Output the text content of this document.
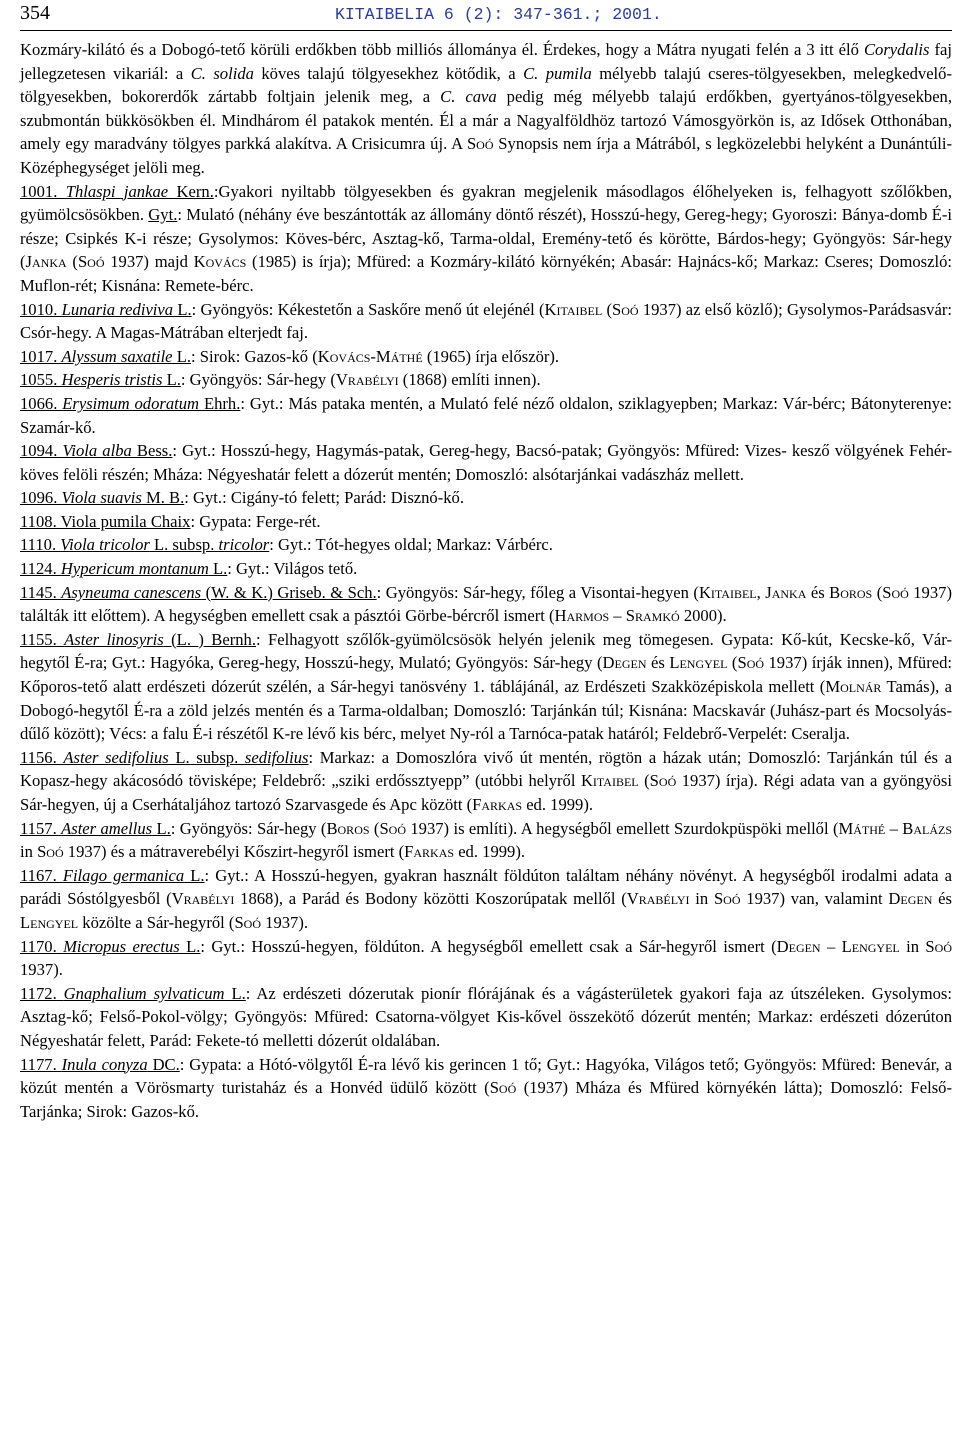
354	KITAIBELIA 6 (2): 347-361.; 2001.

Kozmáry-kilátó és a Dobogó-tető körüli erdőkben több milliós állománya él. Érdekes, hogy a Mátra nyugati felén a 3 itt élő Corydalis faj jellegzetesen vikariál: a C. solida köves talajú tölgyesekhez kötődik, a C. pumila mélyebb talajú cseres-tölgyesekben, melegkedvelő-tölgyesekben, bokorerdők zártabb foltjain jelenik meg, a C. cava pedig még mélyebb talajú erdőkben, gyertyános-tölgyesekben, szubmontán bükkösökben él. Mindhárom él patakok mentén. Él a már a Nagyalföldhöz tartozó Vámosgyörkön is, az Idősek Otthonában, amely egy maradvány tölgyes parkká alakítva. A Crisicumra új. A Soó Synopsis nem írja a Mátrából, s legközelebbi helyként a Dunántúli-Középhegységet jelöli meg.

1001. Thlaspi jankae Kern.:Gyakori nyiltabb tölgyesekben és gyakran megjelenik másodlagos élőhelyeken is, felhagyott szőlőkben, gyümölcsösökben. Gyt.: Mulató (néhány éve beszántották az állomány döntő részét), Hosszú-hegy, Gereg-hegy; Gyoroszi: Bánya-domb É-i része; Csipkés K-i része; Gysolymos: Köves-bérc, Asztag-kő, Tarma-oldal, Eremény-tető és körötte, Bárdos-hegy; Gyöngyös: Sár-hegy (Janka (Soó 1937) majd Kovács (1985) is írja); Mfüred: a Kozmáry-kilátó környékén; Abasár: Hajnács-kő; Markaz: Cseres; Domoszló: Muflon-rét; Kisnána: Remete-bérc.

1010. Lunaria rediviva L.: Gyöngyös: Kékestetőn a Saskőre menő út elejénél (Kitaibel (Soó 1937) az első közlő); Gysolymos-Parádsasvár: Csór-hegy. A Magas-Mátrában elterjedt faj.

1017. Alyssum saxatile L.: Sirok: Gazos-kő (Kovács-Máthé (1965) írja először).

1055. Hesperis tristis L.: Gyöngyös: Sár-hegy (Vrabélyi (1868) említi innen).

1066. Erysimum odoratum Ehrh.: Gyt.: Más pataka mentén, a Mulató felé néző oldalon, sziklagyepben; Markaz: Vár-bérc; Bátonyterenye: Szamár-kő.

1094. Viola alba Bess.: Gyt.: Hosszú-hegy, Hagymás-patak, Gereg-hegy, Bacsó-patak; Gyöngyös: Mfüred: Vizes- kesző völgyének Fehér-köves felöli részén; Mháza: Négyeshatár felett a dózerút mentén; Domoszló: alsótarjánkai vadászház mellett.

1096. Viola suavis M. B.: Gyt.: Cigány-tó felett; Parád: Disznó-kő.

1108. Viola pumila Chaix: Gypata: Ferge-rét.

1110. Viola tricolor L. subsp. tricolor: Gyt.: Tót-hegyes oldal; Markaz: Várbérc.

1124. Hypericum montanum L.: Gyt.: Világos tető.

1145. Asyneuma canescens (W. & K.) Griseb. & Sch.: Gyöngyös: Sár-hegy, főleg a Visontai-hegyen (Kitaibel, Janka és Boros (Soó 1937) találták itt előttem). A hegységben emellett csak a pásztói Görbe-bércről ismert (Harmos – Sramkó 2000).

1155. Aster linosyris (L. ) Bernh.: Felhagyott szőlők-gyümölcsösök helyén jelenik meg tömegesen. Gypata: Kő-kút, Kecske-kő, Vár-hegytől É-ra; Gyt.: Hagyóka, Gereg-hegy, Hosszú-hegy, Mulató; Gyöngyös: Sár-hegy (Degen és Lengyel (Soó 1937) írják innen), Mfüred: Kőporos-tető alatt erdészeti dózerút szélén, a Sár-hegyi tanösvény 1. táblájánál, az Erdészeti Szakközépiskola mellett (Molnár Tamás), a Dobogó-hegytől É-ra a zöld jelzés mentén és a Tarma-oldalban; Domoszló: Tarjánkán túl; Kisnána: Macskavár (Juhász-part és Mocsolyás-dűlő között); Vécs: a falu É-i részétől K-re lévő kis bérc, melyet Ny-ról a Tarnóca-patak határól; Feldebrő-Verpelét: Cseralja.

1156. Aster sedifolius L. subsp. sedifolius: Markaz: a Domoszlóra vivő út mentén, rögtön a házak után; Domoszló: Tarjánkán túl és a Kopasz-hegy akácosódó tövisképe; Feldebrő: „sziki erdőssztyepp” (utóbbi helyről Kitaibel (Soó 1937) írja). Régi adata van a gyöngyösi Sár-hegyen, új a Cserhátaljához tartozó Szarvasgede és Apc között (Farkas ed. 1999).

1157. Aster amellus L.: Gyöngyös: Sár-hegy (Boros (Soó 1937) is említi). A hegységből emellett Szurdokpüspöki mellől (Máthé – Balázs in Soó 1937) és a mátraverebélyi Kőszirt-hegyről ismert (Farkas ed. 1999).

1167. Filago germanica L.: Gyt.: A Hosszú-hegyen, gyakran használt földúton találtam néhány növényt. A hegységből irodalmi adata a parádi Sóstólgyesből (Vrabélyi 1868), a Parád és Bodony közötti Koszorúpatak mellől (Vrabélyi in Soó 1937) van, valamint Degen és Lengyel közölte a Sár-hegyről (Soó 1937).

1170. Micropus erectus L.: Gyt.: Hosszú-hegyen, földúton. A hegységből emellett csak a Sár-hegyről ismert (Degen – Lengyel in Soó 1937).

1172. Gnaphalium sylvaticum L.: Az erdészeti dózerutak pionír flórájának és a vágásterületek gyakori faja az útszéleken. Gysolymos: Asztag-kő; Felső-Pokol-völgy; Gyöngyös: Mfüred: Csatorna-völgyet Kis-kővel összekötő dózerút mentén; Markaz: erdészeti dózerúton Négyeshatár felett, Parád: Fekete-tó melletti dózerút oldalában.

1177. Inula conyza DC.: Gypata: a Hótó-völgytől É-ra lévő kis gerincen 1 tő; Gyt.: Hagyóka, Világos tető; Gyöngyös: Mfüred: Benevár, a közút mentén a Vörösmarty turistaház és a Honvéd üdülő között (Soó (1937) Mháza és Mfüred környékén látta); Domoszló: Felső-Tarjánka; Sirok: Gazos-kő.
